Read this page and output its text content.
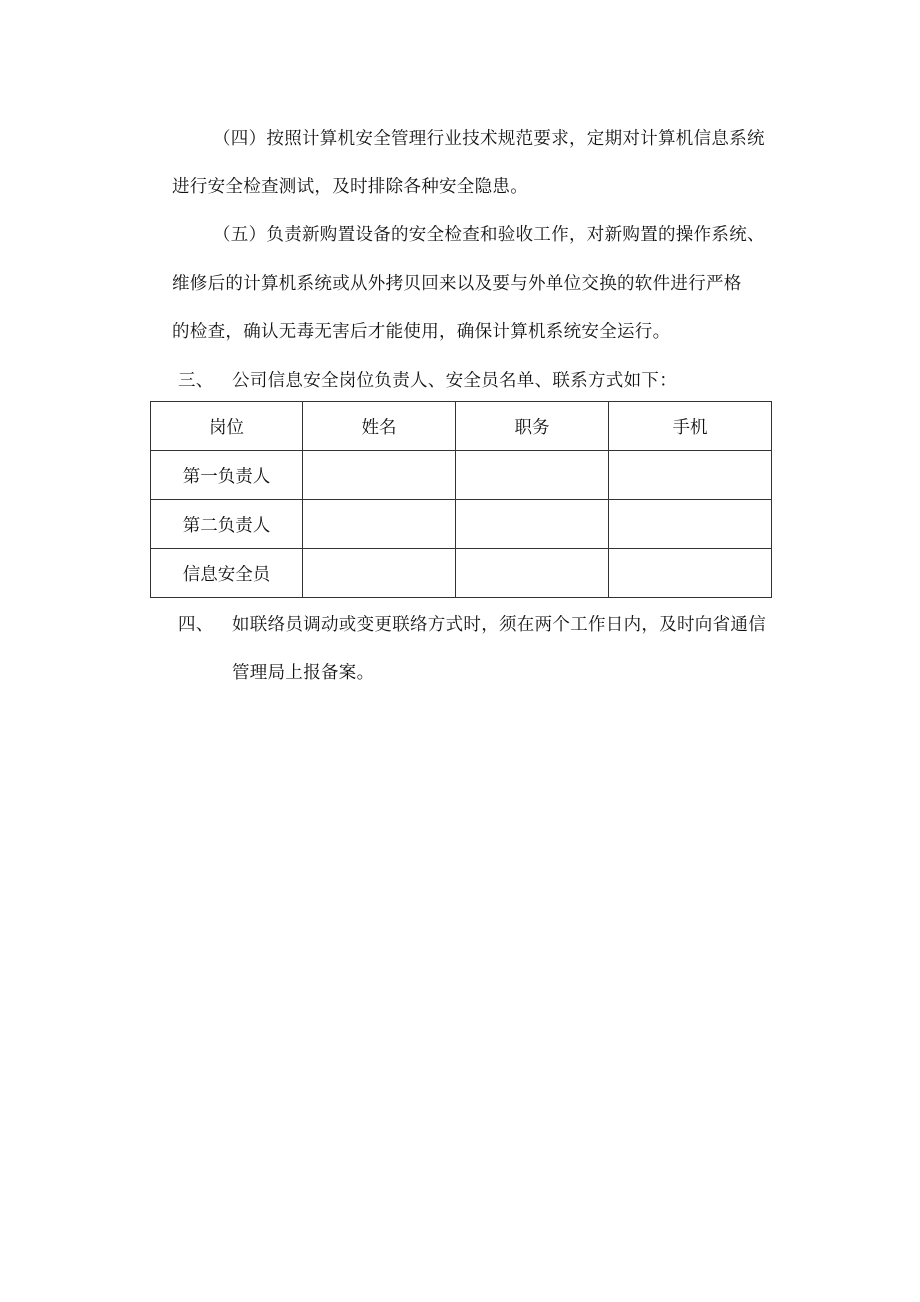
（四）按照计算机安全管理行业技术规范要求，定期对计算机信息系统
进行安全检查测试，及时排除各种安全隐患。
（五）负责新购置设备的安全检查和验收工作，对新购置的操作系统、
维修后的计算机系统或从外拷贝回来以及要与外单位交换的软件进行严格
的检查，确认无毒无害后才能使用，确保计算机系统安全运行。
三、 公司信息安全岗位负责人、安全员名单、联系方式如下：
岗位	姓名	职务	手机
第一负责人			
第二负责人			
信息安全员			
四、 如联络员调动或变更联络方式时，须在两个工作日内，及时向省通信
管理局上报备案。
